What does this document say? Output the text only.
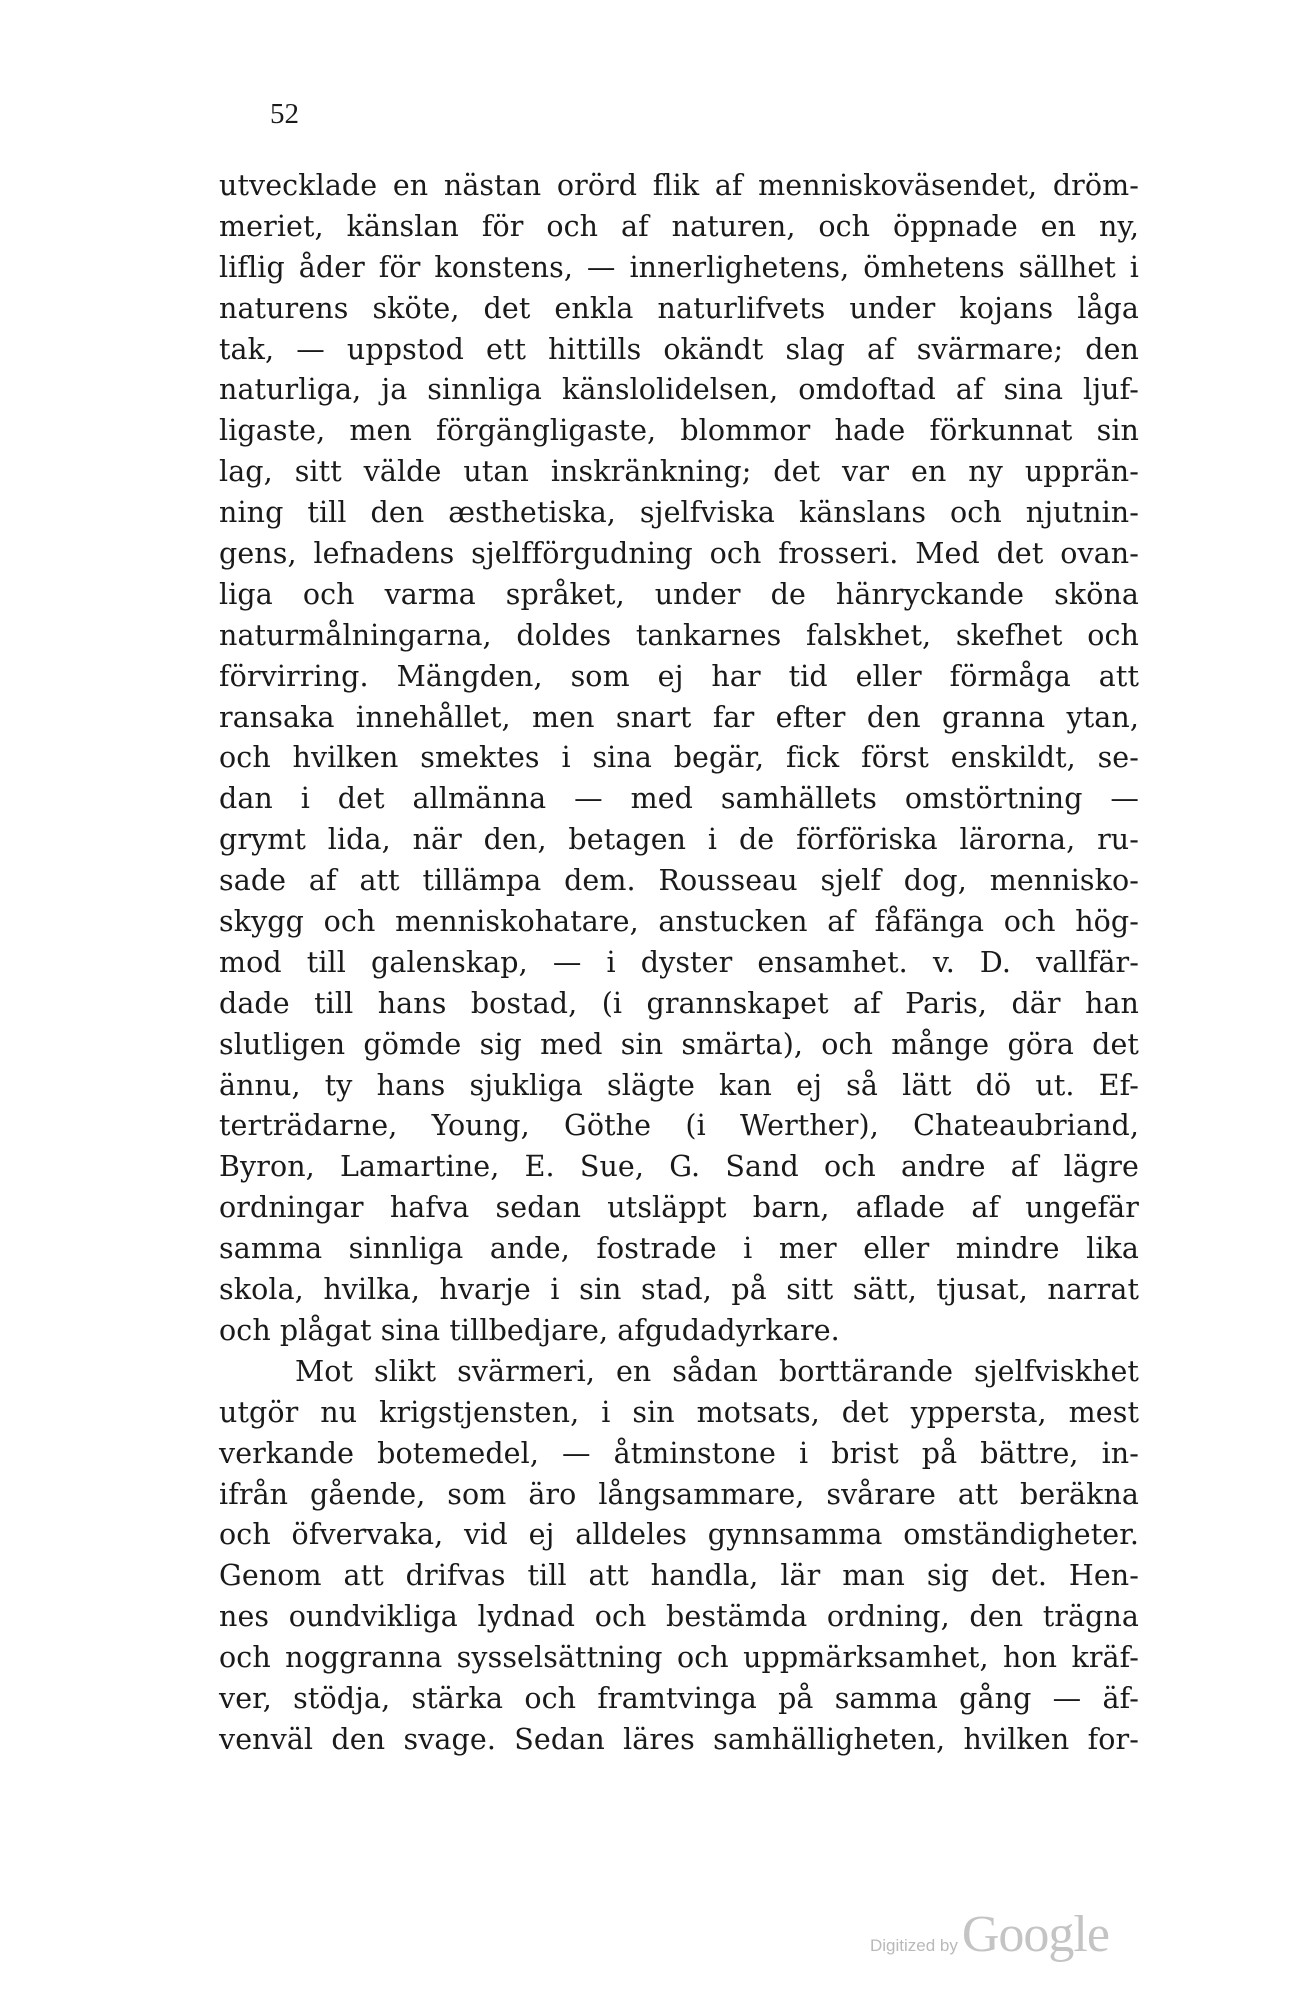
52
utvecklade en nästan orörd flik af menniskoväsendet, dröm-
meriet, känslan för och af naturen, och öppnade en ny,
liflig åder för konstens, — innerlighetens, ömhetens sällhet i
naturens sköte, det enkla naturlifvets under kojans låga
tak, — uppstod ett hittills okändt slag af svärmare; den
naturliga, ja sinnliga känslolidelsen, omdoftad af sina ljuf-
ligaste, men förgängligaste, blommor hade förkunnat sin
lag, sitt välde utan inskränkning; det var en ny upprän-
ning till den æsthetiska, sjelfviska känslans och njutnin-
gens, lefnadens sjelfförgudning och frosseri. Med det ovan-
liga och varma språket, under de hänryckande sköna
naturmålningarna, doldes tankarnes falskhet, skefhet och
förvirring. Mängden, som ej har tid eller förmåga att
ransaka innehållet, men snart far efter den granna ytan,
och hvilken smektes i sina begär, fick först enskildt, se-
dan i det allmänna — med samhällets omstörtning —
grymt lida, när den, betagen i de förföriska lärorna, ru-
sade af att tillämpa dem. Rousseau sjelf dog, mennisko-
skygg och menniskohatare, anstucken af fåfänga och hög-
mod till galenskap, — i dyster ensamhet. v. D. vallfär-
dade till hans bostad, (i grannskapet af Paris, där han
slutligen gömde sig med sin smärta), och månge göra det
ännu, ty hans sjukliga slägte kan ej så lätt dö ut. Ef-
terträdarne, Young, Göthe (i Werther), Chateaubriand,
Byron, Lamartine, E. Sue, G. Sand och andre af lägre
ordningar hafva sedan utsläppt barn, aflade af ungefär
samma sinnliga ande, fostrade i mer eller mindre lika
skola, hvilka, hvarje i sin stad, på sitt sätt, tjusat, narrat
och plågat sina tillbedjare, afgudadyrkare.
Mot slikt svärmeri, en sådan borttärande sjelfviskhet
utgör nu krigstjensten, i sin motsats, det yppersta, mest
verkande botemedel, — åtminstone i brist på bättre, in-
ifrån gående, som äro långsammare, svårare att beräkna
och öfvervaka, vid ej alldeles gynnsamma omständigheter.
Genom att drifvas till att handla, lär man sig det. Hen-
nes oundvikliga lydnad och bestämda ordning, den trägna
och noggranna sysselsättning och uppmärksamhet, hon kräf-
ver, stödja, stärka och framtvinga på samma gång — äf-
venväl den svage. Sedan läres samhälligheten, hvilken for-
Digitized by Google
